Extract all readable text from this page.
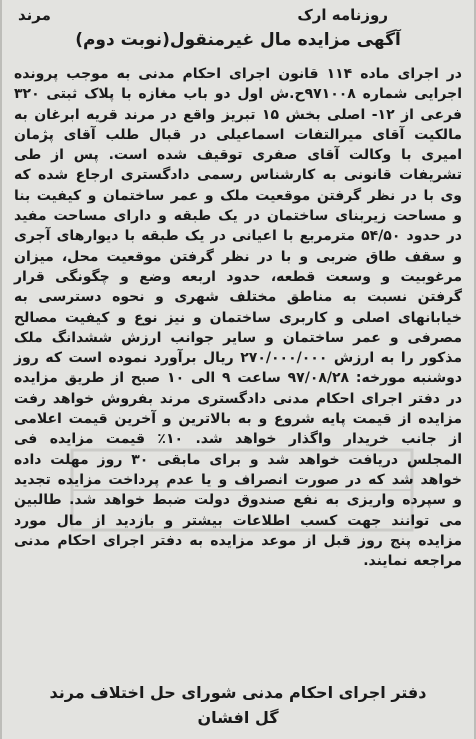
روزنامه ارک
مرند
آگهی مزایده مال غیرمنقول(نوبت دوم)
در اجرای ماده ۱۱۴ قانون اجرای احکام مدنی به موجب پرونده اجرایی شماره ۹۷۱۰۰۸ح.ش اول دو باب مغازه با پلاک ثبتی ۳۲۰ فرعی از ۱۲- اصلی بخش ۱۵ تبریز واقع در مرند قریه ابرغان به مالکیت آقای میرالتفات اسماعیلی در قبال طلب آقای پژمان امیری با وکالت آقای صفری توقیف شده است. پس از طی تشریفات قانونی به کارشناس رسمی دادگستری ارجاع شده که وی با در نظر گرفتن موقعیت ملک و عمر ساختمان و کیفیت بنا و مساحت زیربنای ساختمان در یک طبقه و دارای مساحت مفید در حدود ۵۴/۵۰ مترمربع با اعیانی در یک طبقه با دیوارهای آجری و سقف طاق ضربی و با در نظر گرفتن موقعیت محل، میزان مرغوبیت و وسعت قطعه، حدود اربعه وضع و چگونگی قرار گرفتن نسبت به مناطق مختلف شهری و نحوه دسترسی به خیابانهای اصلی و کاربری ساختمان و نیز نوع و کیفیت مصالح مصرفی و عمر ساختمان و سایر جوانب ارزش ششدانگ ملک مذکور را به ارزش ۲۷۰/۰۰۰/۰۰۰ ریال برآورد نموده است که روز دوشنبه مورخه: ۹۷/۰۸/۲۸ ساعت ۹ الی ۱۰ صبح از طریق مزایده در دفتر اجرای احکام مدنی دادگستری مرند بفروش خواهد رفت مزایده از قیمت پایه شروع و به بالاترین و آخرین قیمت اعلامی از جانب خریدار واگذار خواهد شد. ۱۰٪ قیمت مزایده فی المجلس دریافت خواهد شد و برای مابقی ۳۰ روز مهلت داده خواهد شد که در صورت انصراف و یا عدم پرداخت مزایده تجدید و سپرده واریزی به نفع صندوق دولت ضبط خواهد شد. طالبین می توانند جهت کسب اطلاعات بیشتر و بازدید از مال مورد مزایده پنج روز قبل از موعد مزایده به دفتر اجرای احکام مدنی مراجعه نمایند.
دفتر اجرای احکام مدنی شورای حل اختلاف مرند
گل افشان
